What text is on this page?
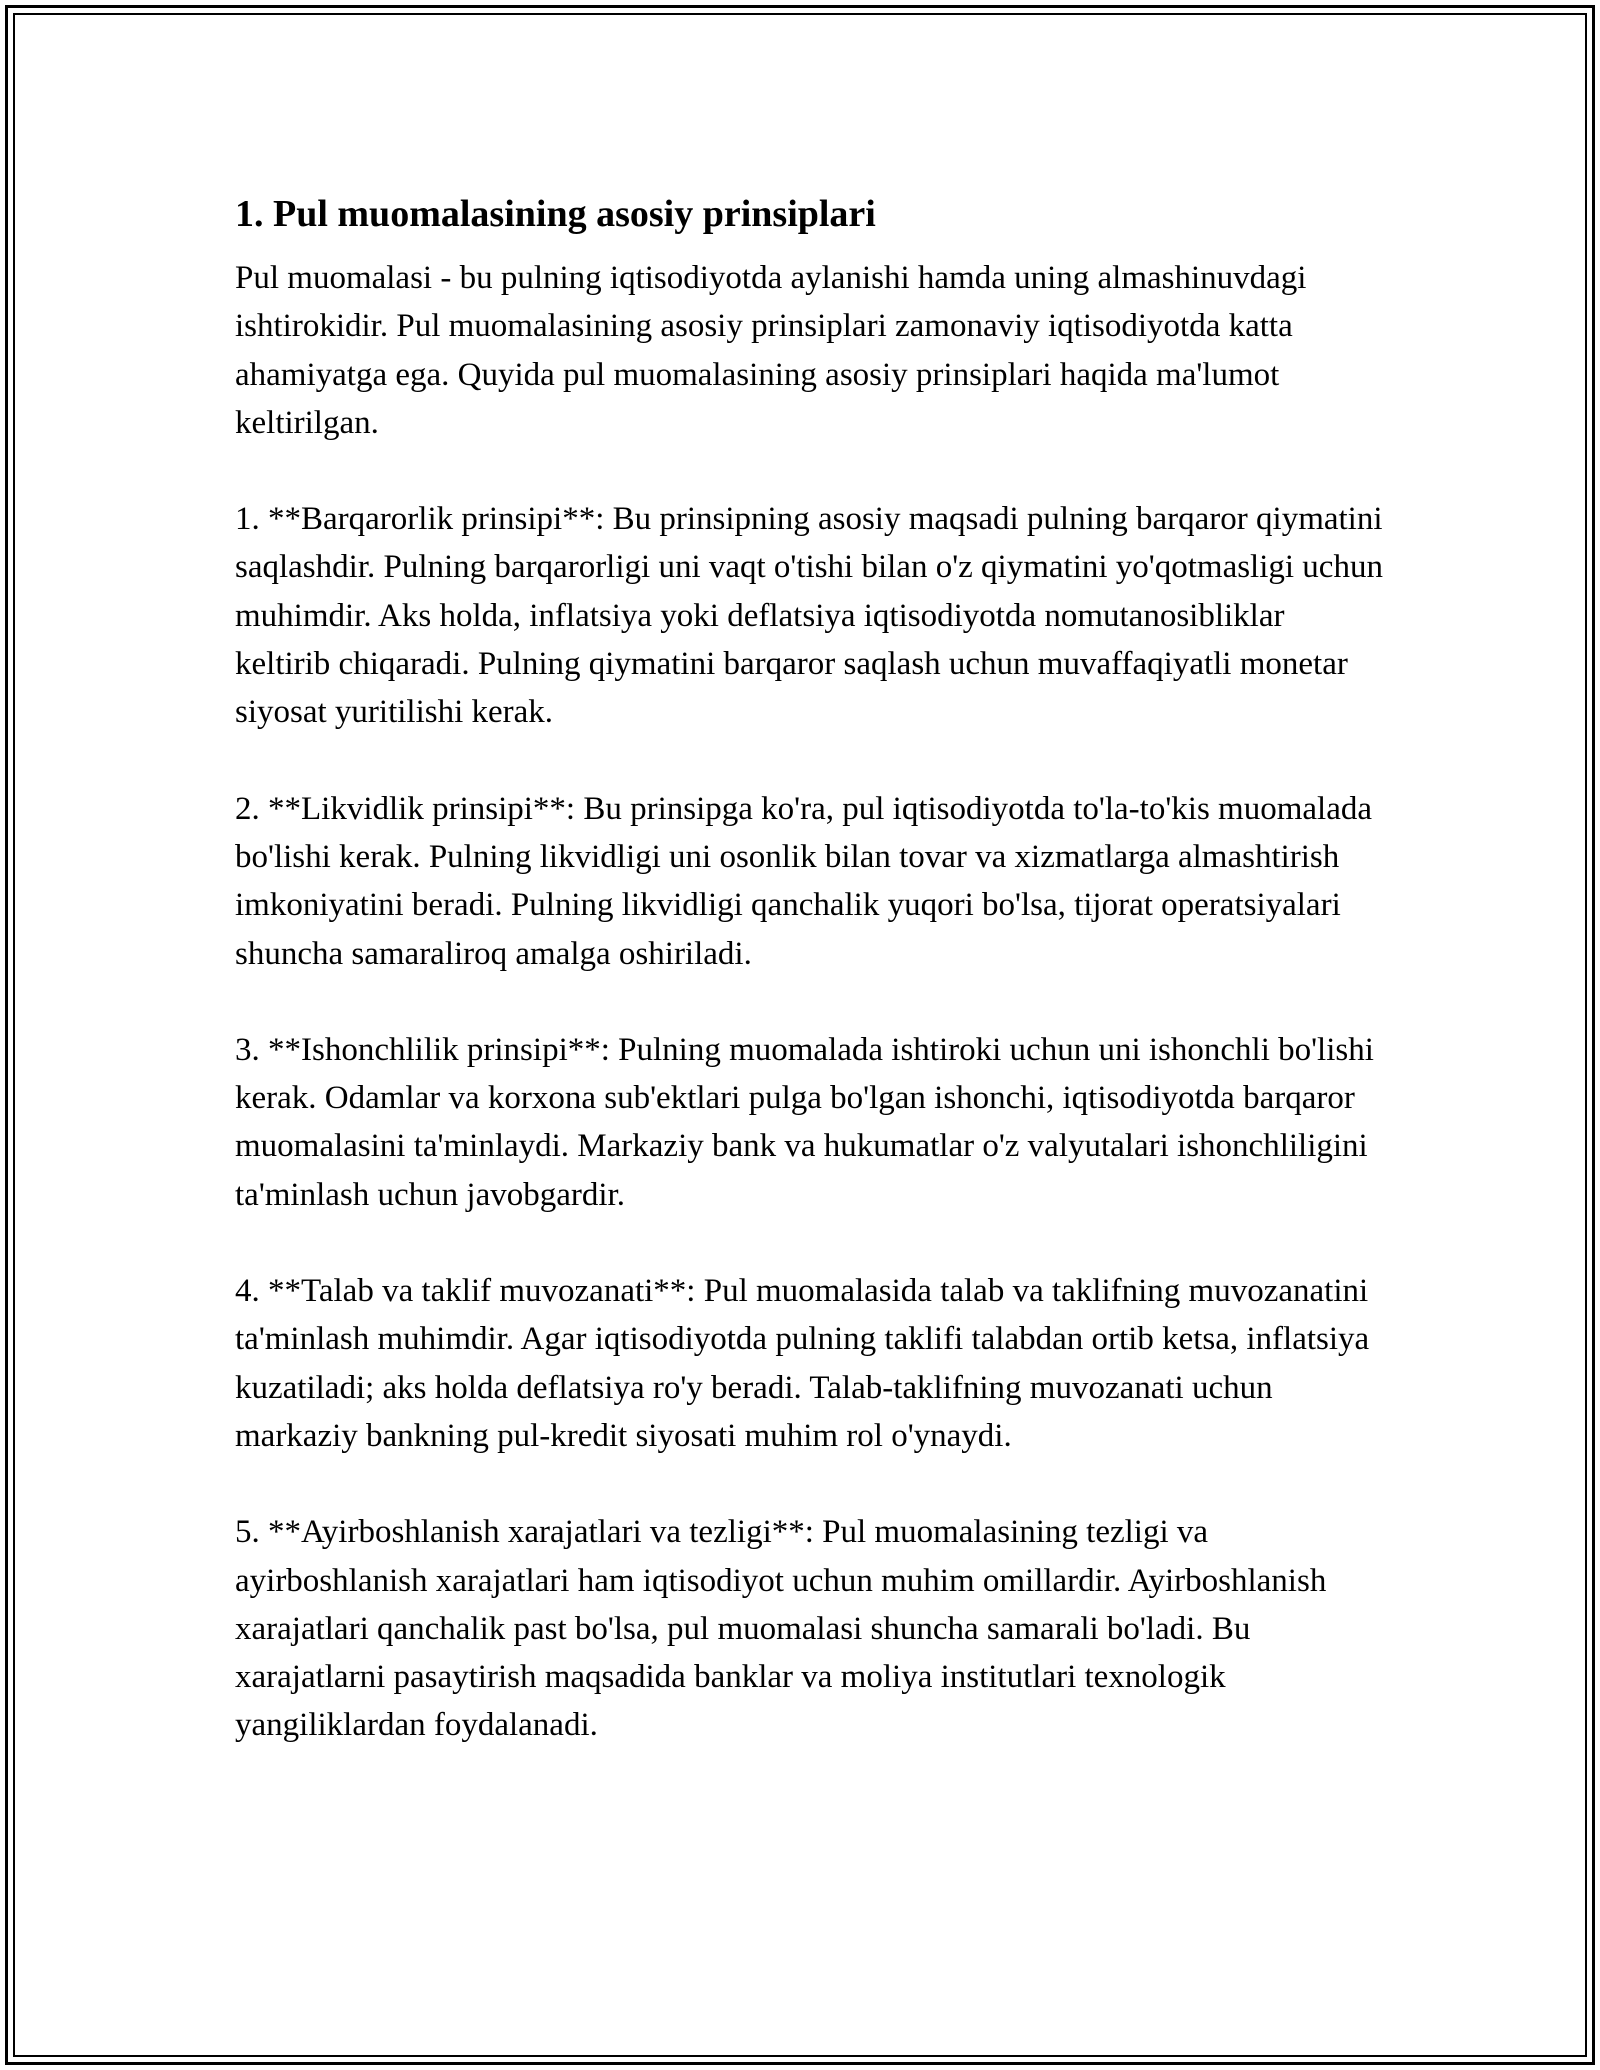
1. Pul muomalasining asosiy prinsiplari

Pul muomalasi - bu pulning iqtisodiyotda aylanishi hamda uning almashinuvdagi ishtirokidir. Pul muomalasining asosiy prinsiplari zamonaviy iqtisodiyotda katta ahamiyatga ega. Quyida pul muomalasining asosiy prinsiplari haqida ma'lumot keltirilgan.

1. **Barqarorlik prinsipi**: Bu prinsipning asosiy maqsadi pulning barqaror qiymatini saqlashdir. Pulning barqarorligi uni vaqt o'tishi bilan o'z qiymatini yo'qotmasligi uchun muhimdir. Aks holda, inflatsiya yoki deflatsiya iqtisodiyotda nomutanosibliklar keltirib chiqaradi. Pulning qiymatini barqaror saqlash uchun muvaffaqiyatli monetar siyosat yuritilishi kerak.

2. **Likvidlik prinsipi**: Bu prinsipga ko'ra, pul iqtisodiyotda to'la-to'kis muomalada bo'lishi kerak. Pulning likvidligi uni osonlik bilan tovar va xizmatlarga almashtirish imkoniyatini beradi. Pulning likvidligi qanchalik yuqori bo'lsa, tijorat operatsiyalari shuncha samaraliroq amalga oshiriladi.

3. **Ishonchlilik prinsipi**: Pulning muomalada ishtiroki uchun uni ishonchli bo'lishi kerak. Odamlar va korxona sub'ektlari pulga bo'lgan ishonchi, iqtisodiyotda barqaror muomalasini ta'minlaydi. Markaziy bank va hukumatlar o'z valyutalari ishonchliligini ta'minlash uchun javobgardir.

4. **Talab va taklif muvozanati**: Pul muomalasida talab va taklifning muvozanatini ta'minlash muhimdir. Agar iqtisodiyotda pulning taklifi talabdan ortib ketsa, inflatsiya kuzatiladi; aks holda deflatsiya ro'y beradi. Talab-taklifning muvozanati uchun markaziy bankning pul-kredit siyosati muhim rol o'ynaydi.

5. **Ayirboshlanish xarajatlari va tezligi**: Pul muomalasining tezligi va ayirboshlanish xarajatlari ham iqtisodiyot uchun muhim omillardir. Ayirboshlanish xarajatlari qanchalik past bo'lsa, pul muomalasi shuncha samarali bo'ladi. Bu xarajatlarni pasaytirish maqsadida banklar va moliya institutlari texnologik yangiliklardan foydalanadi.
